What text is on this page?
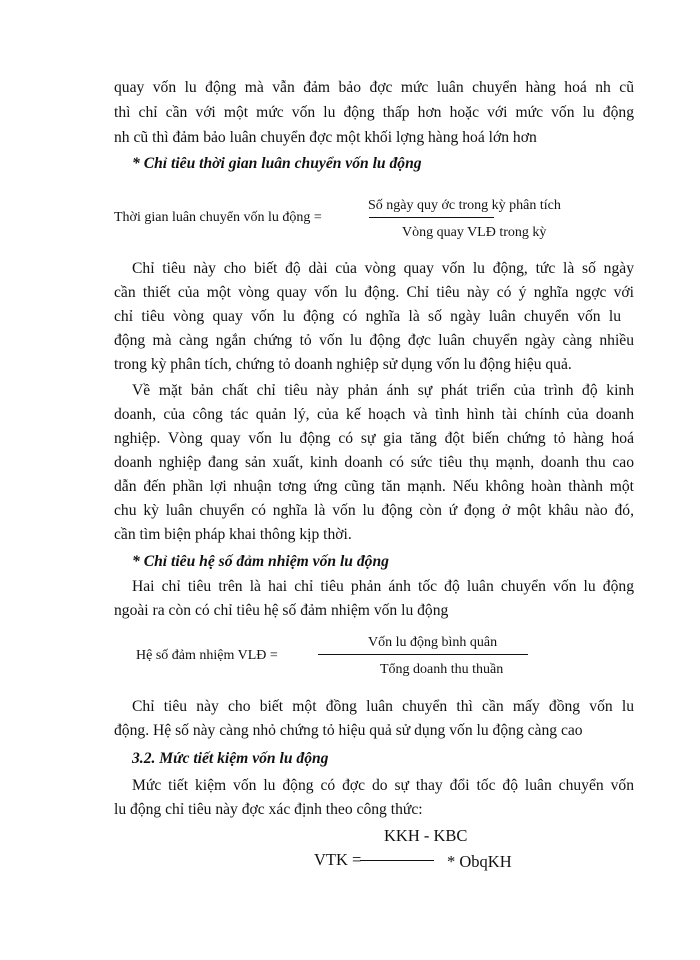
quay vốn lu động mà vẫn đảm bảo đợc mức luân chuyển hàng hoá nh cũ
thì chỉ cần với một mức vốn lu động thấp hơn hoặc với mức vốn lu động
nh cũ thì đảm bảo luân chuyển đợc một khối lợng hàng hoá lớn hơn
* Chỉ tiêu thời gian luân chuyển vốn lu động
Số ngày quy ớc trong kỳ phân tích
Thời gian luân chuyển vốn lu động =
Vòng quay VLĐ trong kỳ
Chỉ tiêu này cho biết độ dài của vòng quay vốn lu động, tức là số ngày
cần thiết của một vòng quay vốn lu động. Chỉ tiêu này có ý nghĩa ngợc với
chỉ tiêu vòng quay vốn lu động có nghĩa là số ngày luân chuyển vốn lu
động mà càng ngắn chứng tỏ vốn lu động đợc luân chuyển ngày càng nhiều
trong kỳ phân tích, chứng tỏ doanh nghiệp sử dụng vốn lu động hiệu quả.
Về mặt bản chất chỉ tiêu này phản ánh sự phát triển của trình độ kinh
doanh, của công tác quản lý, của kế hoạch và tình hình tài chính của doanh
nghiệp. Vòng quay vốn lu động có sự gia tăng đột biến chứng tỏ hàng hoá
doanh nghiệp đang sản xuất, kinh doanh có sức tiêu thụ mạnh, doanh thu cao
dẫn đến phần lợi nhuận tơng ứng cũng tăn mạnh. Nếu không hoàn thành một
chu kỳ luân chuyển có nghĩa là vốn lu động còn ứ đọng ở một khâu nào đó,
cần tìm biện pháp khai thông kịp thời.
* Chỉ tiêu hệ số đảm nhiệm vốn lu động
Hai chỉ tiêu trên là hai chỉ tiêu phản ánh tốc độ luân chuyển vốn lu động
ngoài ra còn có chỉ tiêu hệ số đảm nhiệm vốn lu động
Vốn lu động bình quân
Hệ số đảm nhiệm VLĐ =
Tổng doanh thu thuần
Chỉ tiêu này cho biết một đồng luân chuyển thì cần mấy đồng vốn lu
động. Hệ số này càng nhỏ chứng tỏ hiệu quả sử dụng vốn lu động càng cao
3.2. Mức tiết kiệm vốn lu động
Mức tiết kiệm vốn lu động có đợc do sự thay đổi tốc độ luân chuyển vốn
lu động chỉ tiêu này đợc xác định theo công thức:
KKH - KBC
VTK =	* ObqKH
